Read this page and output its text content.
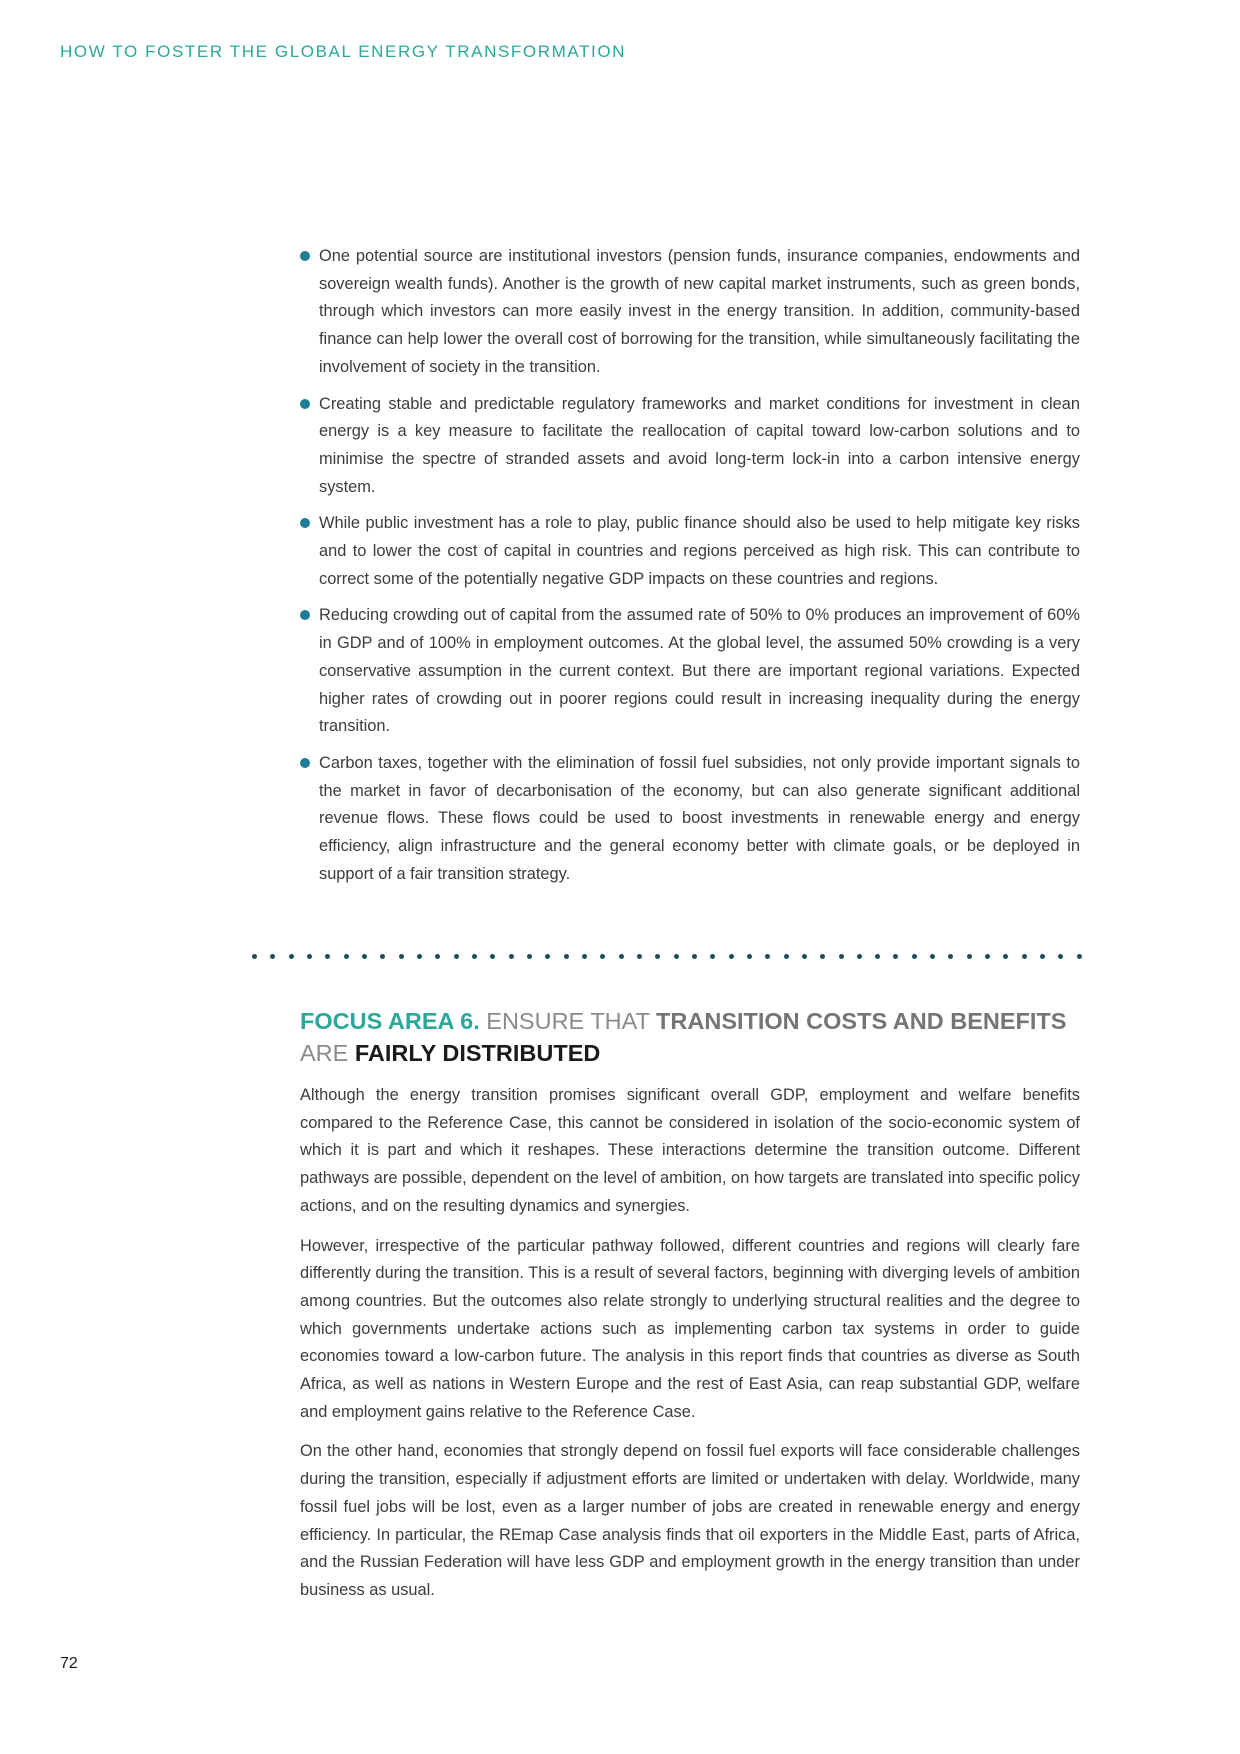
HOW TO FOSTER THE GLOBAL ENERGY TRANSFORMATION
One potential source are institutional investors (pension funds, insurance companies, endowments and sovereign wealth funds). Another is the growth of new capital market instruments, such as green bonds, through which investors can more easily invest in the energy transition. In addition, community-based finance can help lower the overall cost of borrowing for the transition, while simultaneously facilitating the involvement of society in the transition.
Creating stable and predictable regulatory frameworks and market conditions for investment in clean energy is a key measure to facilitate the reallocation of capital toward low-carbon solutions and to minimise the spectre of stranded assets and avoid long-term lock-in into a carbon intensive energy system.
While public investment has a role to play, public finance should also be used to help mitigate key risks and to lower the cost of capital in countries and regions perceived as high risk. This can contribute to correct some of the potentially negative GDP impacts on these countries and regions.
Reducing crowding out of capital from the assumed rate of 50% to 0% produces an improvement of 60% in GDP and of 100% in employment outcomes. At the global level, the assumed 50% crowding is a very conservative assumption in the current context. But there are important regional variations. Expected higher rates of crowding out in poorer regions could result in increasing inequality during the energy transition.
Carbon taxes, together with the elimination of fossil fuel subsidies, not only provide important signals to the market in favor of decarbonisation of the economy, but can also generate significant additional revenue flows. These flows could be used to boost investments in renewable energy and energy efficiency, align infrastructure and the general economy better with climate goals, or be deployed in support of a fair transition strategy.
FOCUS AREA 6. ENSURE THAT TRANSITION COSTS AND BENEFITS
ARE FAIRLY DISTRIBUTED

Although the energy transition promises significant overall GDP, employment and welfare benefits compared to the Reference Case, this cannot be considered in isolation of the socio-economic system of which it is part and which it reshapes. These interactions determine the transition outcome. Different pathways are possible, dependent on the level of ambition, on how targets are translated into specific policy actions, and on the resulting dynamics and synergies.

However, irrespective of the particular pathway followed, different countries and regions will clearly fare differently during the transition. This is a result of several factors, beginning with diverging levels of ambition among countries. But the outcomes also relate strongly to underlying structural realities and the degree to which governments undertake actions such as implementing carbon tax systems in order to guide economies toward a low-carbon future. The analysis in this report finds that countries as diverse as South Africa, as well as nations in Western Europe and the rest of East Asia, can reap substantial GDP, welfare and employment gains relative to the Reference Case.

On the other hand, economies that strongly depend on fossil fuel exports will face considerable challenges during the transition, especially if adjustment efforts are limited or undertaken with delay. Worldwide, many fossil fuel jobs will be lost, even as a larger number of jobs are created in renewable energy and energy efficiency. In particular, the REmap Case analysis finds that oil exporters in the Middle East, parts of Africa, and the Russian Federation will have less GDP and employment growth in the energy transition than under business as usual.

72
